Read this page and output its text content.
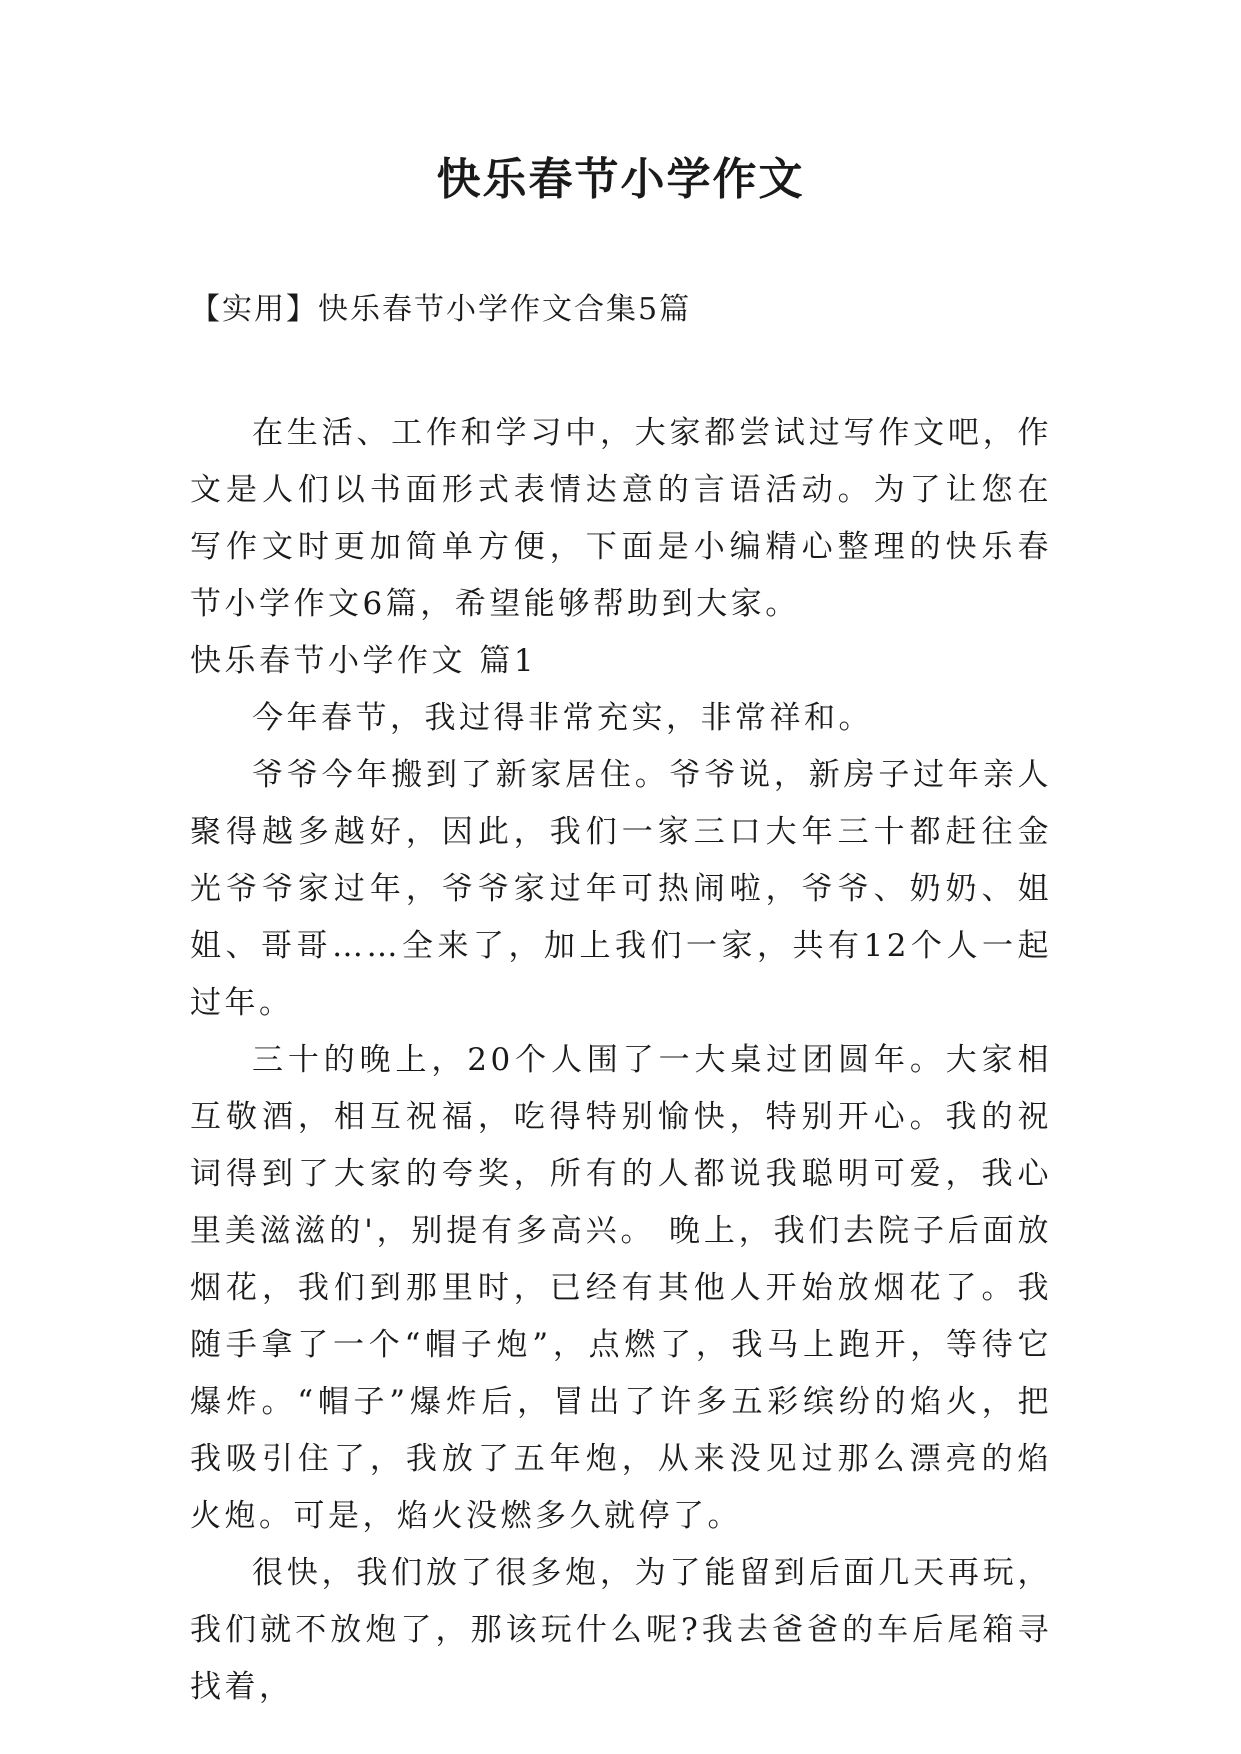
快乐春节小学作文
【实用】快乐春节小学作文合集5篇

在生活、工作和学习中，大家都尝试过写作文吧，作文是人们以书面形式表情达意的言语活动。为了让您在写作文时更加简单方便，下面是小编精心整理的快乐春节小学作文6篇，希望能够帮助到大家。

快乐春节小学作文 篇1

今年春节，我过得非常充实，非常祥和。

爷爷今年搬到了新家居住。爷爷说，新房子过年亲人聚得越多越好，因此，我们一家三口大年三十都赶往金光爷爷家过年，爷爷家过年可热闹啦，爷爷、奶奶、姐姐、哥哥……全来了，加上我们一家，共有12个人一起过年。

三十的晚上，20个人围了一大桌过团圆年。大家相互敬酒，相互祝福，吃得特别愉快，特别开心。我的祝词得到了大家的夸奖，所有的人都说我聪明可爱，我心里美滋滋的'，别提有多高兴。 晚上，我们去院子后面放烟花，我们到那里时，已经有其他人开始放烟花了。我随手拿了一个“帽子炮”，点燃了，我马上跑开，等待它爆炸。“帽子”爆炸后，冒出了许多五彩缤纷的焰火，把我吸引住了，我放了五年炮，从来没见过那么漂亮的焰火炮。可是，焰火没燃多久就停了。

很快，我们放了很多炮，为了能留到后面几天再玩，我们就不放炮了，那该玩什么呢?我去爸爸的车后尾箱寻找着，
